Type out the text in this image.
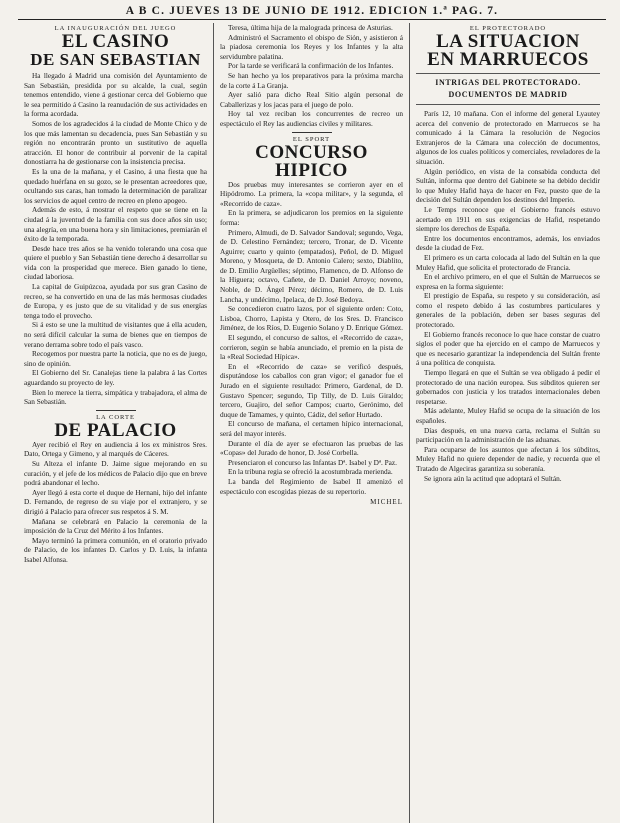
A B C. JUEVES 13 DE JUNIO DE 1912. EDICION 1.ª PAG. 7.
LA INAUGURACIÓN DEL JUEGO
EL CASINO
DE SAN SEBASTIAN

Ha llegado á Madrid una comisión del Ayuntamiento de San Sebastián, presidida por su alcalde, la cual, según tenemos entendido, viene á gestionar cerca del Gobierno que le sea permitido á Casino la reanudación de sus actividades en la forma acordada.

Somos de los agradecidos á la ciudad de Monte Chico y de los que más lamentan su decadencia, pues San Sebastián y su región no encontrarán pronto un sustitutivo de aquella atracción. El honor de contribuir al porvenir de la capital donostiarra ha de gestionarse con la insistencia precisa.

Es la una de la mañana, y el Casino, á una fiesta que ha quedado huérfana en su gozo, se le presentan acreedores que, ocultando sus caras, han tomado la determinación de paralizar los servicios de aquel centro de recreo en pleno apogeo.

Además de esto, á mostrar el respeto que se tiene en la ciudad á la juventud de la familia con sus doce años sin uso; una alegría, en una buena hora y sin limitaciones, premiarán el éxito de la temporada.

Desde hace tres años se ha venido tolerando una cosa que quiere el pueblo y San Sebastián tiene derecho á desarrollar su vida con la prosperidad que merece. Bien ganado lo tiene, ciudad laboriosa.

La capital de Guipúzcoa, ayudada por sus gran Casino de recreo, se ha convertido en una de las más hermosas ciudades de Europa, y es justo que de su vitalidad y de sus energías tenga todo el provecho.

Si á esto se une la multitud de visitantes que á ella acuden, no será difícil calcular la suma de bienes que en tiempos de verano derrama sobre todo el país vasco.

Recogemos por nuestra parte la noticia, que no es de juego, sino de opinión.

El Gobierno del Sr. Canalejas tiene la palabra á las Cortes aguardando su proyecto de ley.

Bien lo merece la tierra, simpática y trabajadora, el alma de San Sebastián.

LA CORTE
DE PALACIO

Ayer recibió el Rey en audiencia á los ex ministros Sres. Dato, Ortega y Gimeno, y al marqués de Cáceres.

Su Alteza el infante D. Jaime sigue mejorando en su curación, y el jefe de los médicos de Palacio dijo que en breve podrá abandonar el lecho.

Ayer llegó á esta corte el duque de Hernani, hijo del infante D. Fernando, de regreso de su viaje por el extranjero, y se dirigió á Palacio para ofrecer sus respetos á S. M.

Mañana se celebrará en Palacio la ceremonia de la imposición de la Cruz del Mérito á los Infantes.

Mayo terminó la primera comunión, en el oratorio privado de Palacio, de los infantes D. Carlos y D. Luis, la infanta Isabel Alfonsa.

Teresa, última hija de la malograda princesa de Asturias.

Administró el Sacramento el obispo de Sión, y asistieron á la piadosa ceremonia los Reyes y los Infantes y la alta servidumbre palatina.

Por la tarde se verificará la confirmación de los Infantes.

Se han hecho ya los preparativos para la próxima marcha de la corte á La Granja.

Ayer salió para dicho Real Sitio algún personal de Caballerizas y los jacas para el juego de polo.

Hoy tal vez reciban los concurrentes de recreo un espectáculo el Rey las audiencias civiles y militares.

EL SPORT
CONCURSO HIPICO

Dos pruebas muy interesantes se corrieron ayer en el Hipódromo. La primera, la «copa militar», y la segunda, el «Recorrido de caza».

En la primera, se adjudicaron los premios en la siguiente forma:

Primero, Almudi, de D. Salvador Sandoval; segundo, Vega, de D. Celestino Fernández; tercero, Tronar, de D. Vicente Aguirre; cuarto y quinto (empatados), Peñol, de D. Miguel Moreno, y Mosqueta, de D. Antonio Calero; sexto, Diablito, de D. Emilio Argüelles; séptimo, Flamenco, de D. Alfonso de la Higuera; octavo, Cañete, de D. Daniel Arroyo; noveno, Noble, de D. Ángel Pérez; décimo, Romero, de D. Luis Lancha, y undécimo, Ipelaca, de D. José Bedoya.

Se concedieron cuatro lazos, por el siguiente orden: Coto, Lisboa, Chorro, Lapista y Otero, de los Sres. D. Francisco Jiménez, de los Ríos, D. Eugenio Solano y D. Enrique Gómez.

El segundo, el concurso de saltos, el «Recorrido de caza», corrieron, según se había anunciado, el premio en la pista de la «Real Sociedad Hípica».

En el «Recorrido de caza» se verificó después, disputándose los caballos con gran vigor; el ganador fue el Jurado en el siguiente resultado: Primero, Gardenal, de D. Gustavo Spencer; segundo, Tip Tilly, de D. Luis Giraldo; tercero, Guajiro, del señor Campos; cuarto, Gerónimo, del duque de Tamames, y quinto, Cádiz, del señor Hurtado.

El concurso de mañana, el certamen hípico internacional, será del mayor interés.

Durante el día de ayer se efectuaron las pruebas de las «Copas» del Jurado de honor, D. José Corbella.

Presenciaron el concurso las Infantas Dª. Isabel y Dª. Paz.

En la tribuna regia se ofreció la acostumbrada merienda.

La banda del Regimiento de Isabel II amenizó el espectáculo con escogidas piezas de su repertorio.

MICHEL
EL PROTECTORADO
LA SITUACION
EN MARRUECOS
INTRIGAS DEL PROTECTORADO.
DOCUMENTOS DE MADRID

París 12, 10 mañana. Con el informe del general Lyautey acerca del convenio de protectorado en Marruecos se ha comunicado á la Cámara la resolución de Negocios Extranjeros de la Cámara una colección de documentos, algunos de los cuales políticos y comerciales, reveladores de la situación.

Algún periódico, en vista de la consabida conducta del Sultán, informa que dentro del Gabinete se ha debido decidir lo que Muley Hafid haya de hacer en Fez, puesto que de la decisión del Sultán dependen los destinos del Imperio.

Le Temps reconoce que el Gobierno francés estuvo acertado en 1911 en sus exigencias de Hafid, respetando siempre los derechos de España.

Entre los documentos encontramos, además, los enviados desde la ciudad de Fez.

El primero es un carta colocada al lado del Sultán en la que Muley Hafid, que solicita el protectorado de Francia.

En el archivo primero, en el que el Sultán de Marruecos se expresa en la forma siguiente:

El prestigio de España, su respeto y su consideración, así como el respeto debido á las costumbres particulares y generales de la población, deben ser bases seguras del protectorado.

El Gobierno francés reconoce lo que hace constar de cuatro siglos el poder que ha ejercido en el campo de Marruecos y que es necesario garantizar la independencia del Sultán frente á una política de conquista.

Tiempo llegará en que el Sultán se vea obligado á pedir el protectorado de una nación europea. Sus súbditos quieren ser gobernados con justicia y los tratados internacionales deben respetarse.

Más adelante, Muley Hafid se ocupa de la situación de los españoles.

Días después, en una nueva carta, reclama el Sultán su participación en la administración de las aduanas.

Para ocuparse de los asuntos que afectan á los súbditos, Muley Hafid no quiere depender de nadie, y recuerda que el Tratado de Algeciras garantiza su soberanía.

Se ignora aún la actitud que adoptará el Sultán.
